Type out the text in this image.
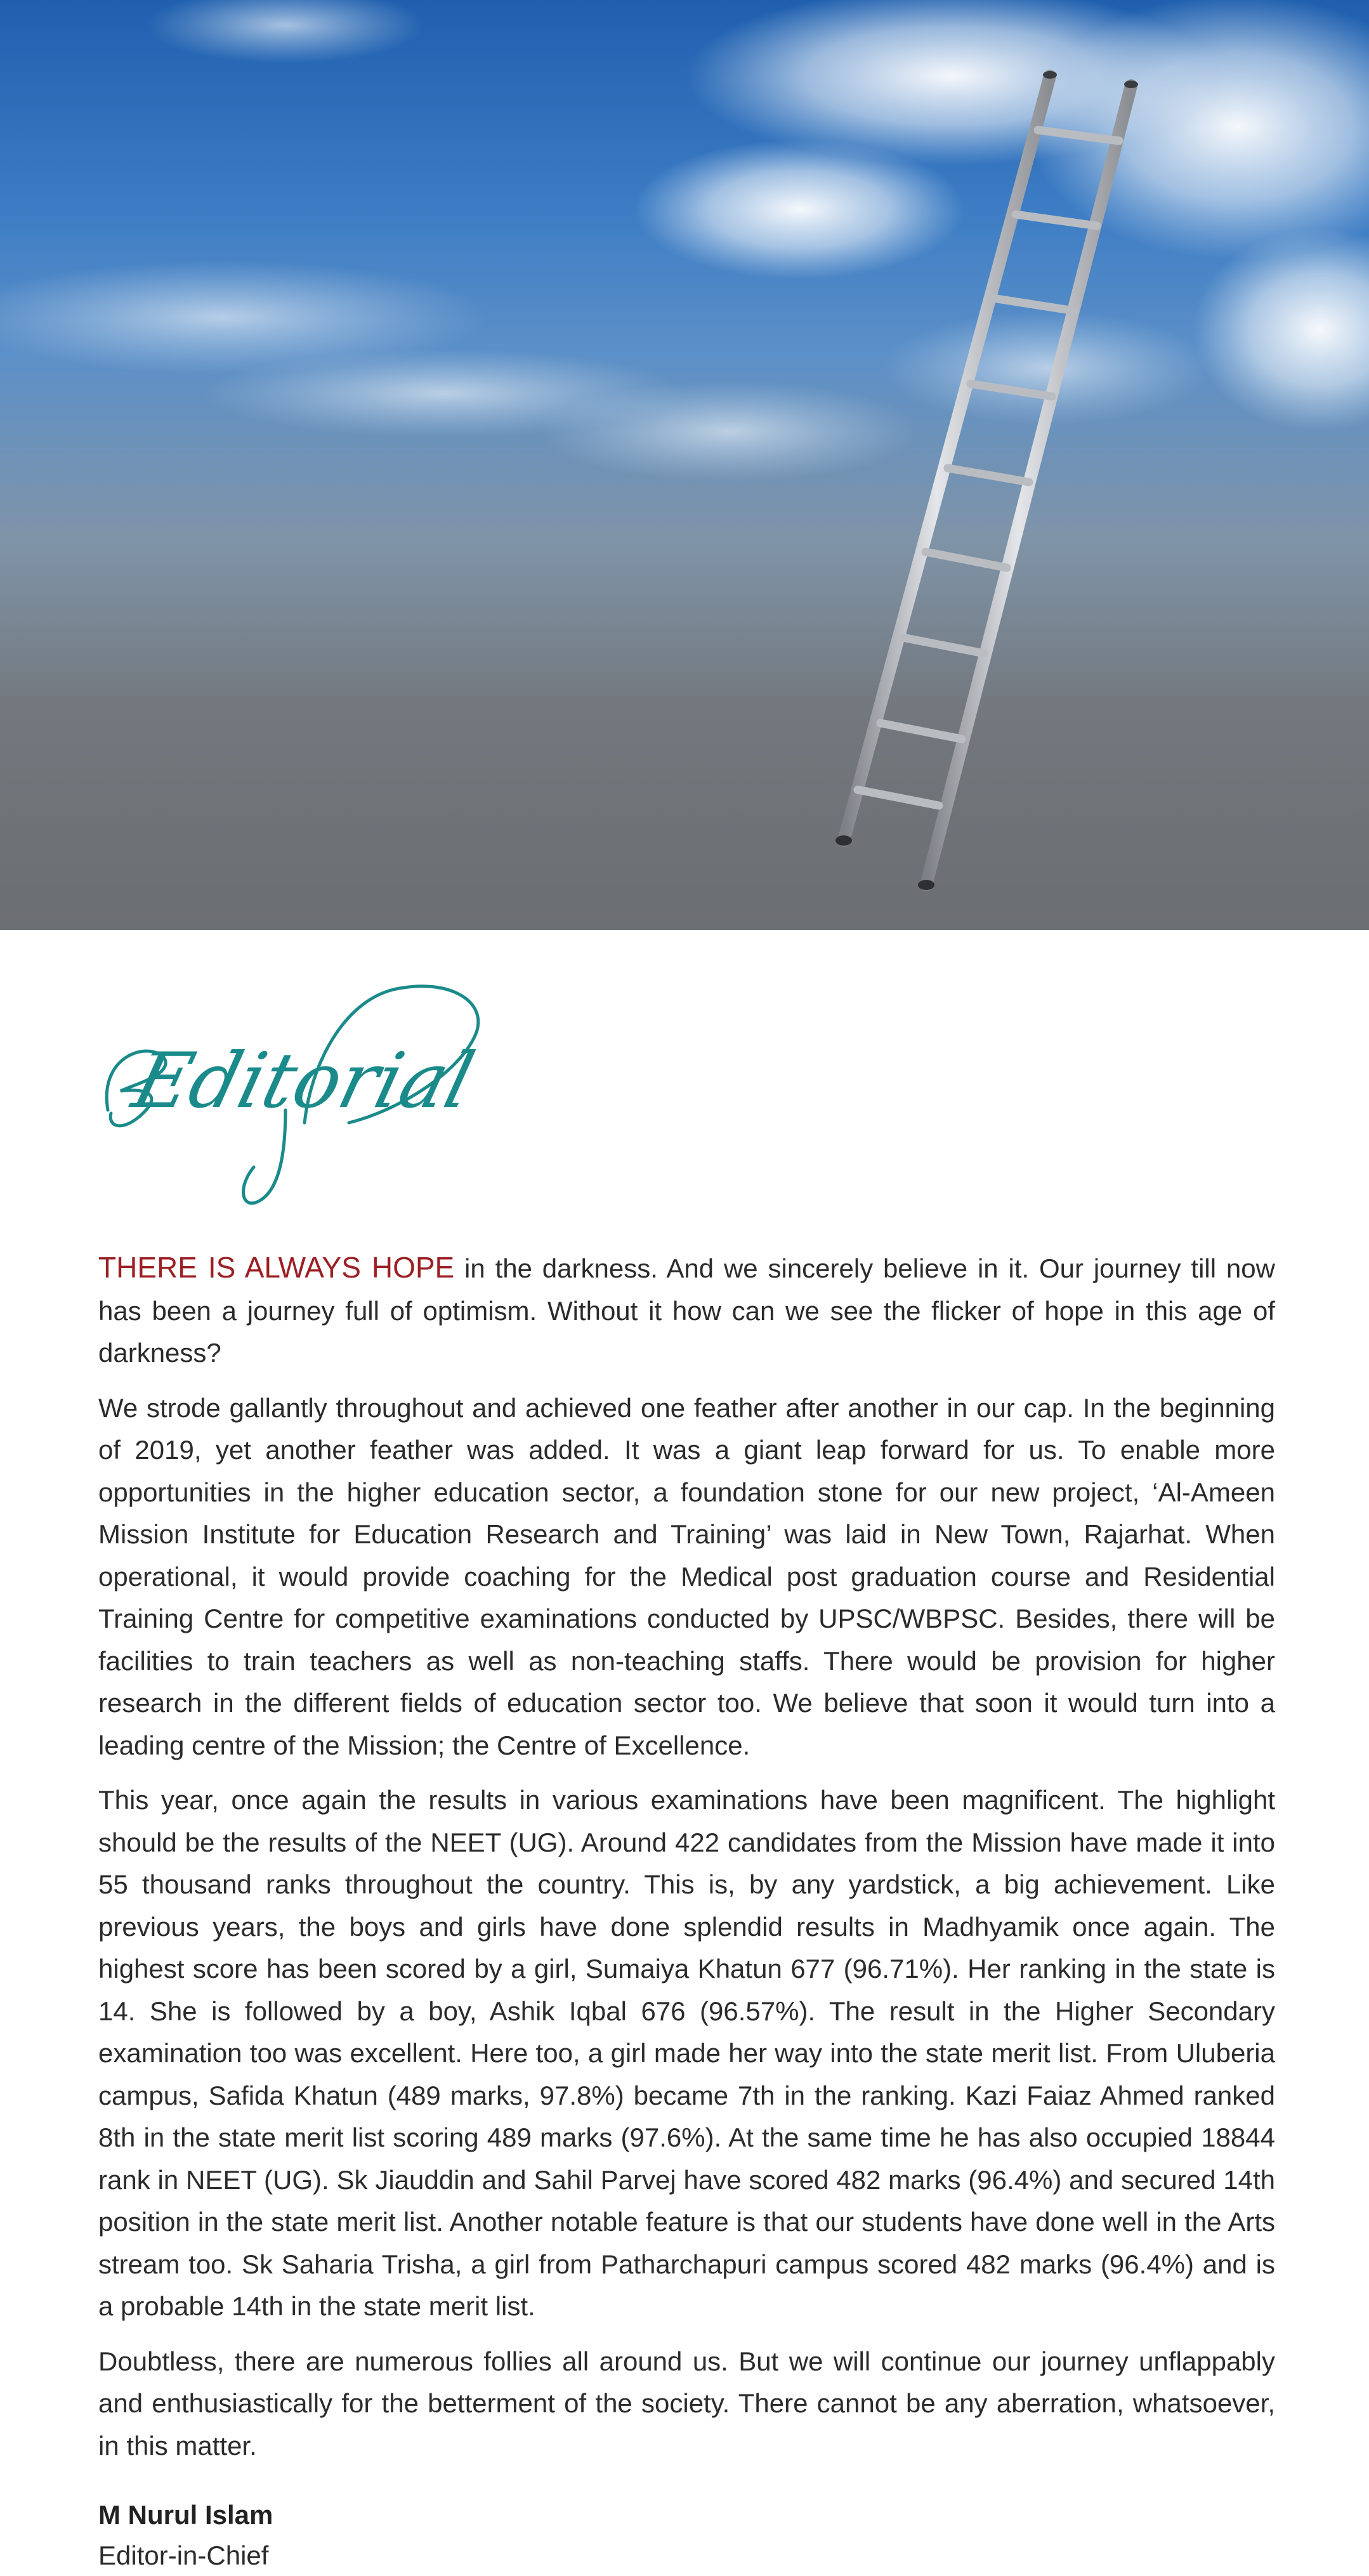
Editorial

THERE IS ALWAYS HOPE in the darkness. And we sincerely believe in it. Our journey till now has been a journey full of optimism. Without it how can we see the flicker of hope in this age of darkness?

We strode gallantly throughout and achieved one feather after another in our cap. In the beginning of 2019, yet another feather was added. It was a giant leap forward for us. To enable more opportunities in the higher education sector, a foundation stone for our new project, ‘Al-Ameen Mission Institute for Education Research and Training’ was laid in New Town, Rajarhat. When operational, it would provide coaching for the Medical post graduation course and Residential Training Centre for competitive examinations conducted by UPSC/WBPSC. Besides, there will be facilities to train teachers as well as non-teaching staffs. There would be provision for higher research in the different fields of education sector too. We believe that soon it would turn into a leading centre of the Mission; the Centre of Excellence.

This year, once again the results in various examinations have been magnificent. The highlight should be the results of the NEET (UG). Around 422 candidates from the Mission have made it into 55 thousand ranks throughout the country. This is, by any yardstick, a big achievement. Like previous years, the boys and girls have done splendid results in Madhyamik once again. The highest score has been scored by a girl, Sumaiya Khatun 677 (96.71%). Her ranking in the state is 14. She is followed by a boy, Ashik Iqbal 676 (96.57%). The result in the Higher Secondary examination too was excellent. Here too, a girl made her way into the state merit list. From Uluberia campus, Safida Khatun (489 marks, 97.8%) became 7th in the ranking. Kazi Faiaz Ahmed ranked 8th in the state merit list scoring 489 marks (97.6%). At the same time he has also occupied 18844 rank in NEET (UG). Sk Jiauddin and Sahil Parvej have scored 482 marks (96.4%) and secured 14th position in the state merit list. Another notable feature is that our students have done well in the Arts stream too. Sk Saharia Trisha, a girl from Patharchapuri campus scored 482 marks (96.4%) and is a probable 14th in the state merit list.

Doubtless, there are numerous follies all around us. But we will continue our journey unflappably and enthusiastically for the betterment of the society. There cannot be any aberration, whatsoever, in this matter.

M Nurul Islam
Editor-in-Chief
